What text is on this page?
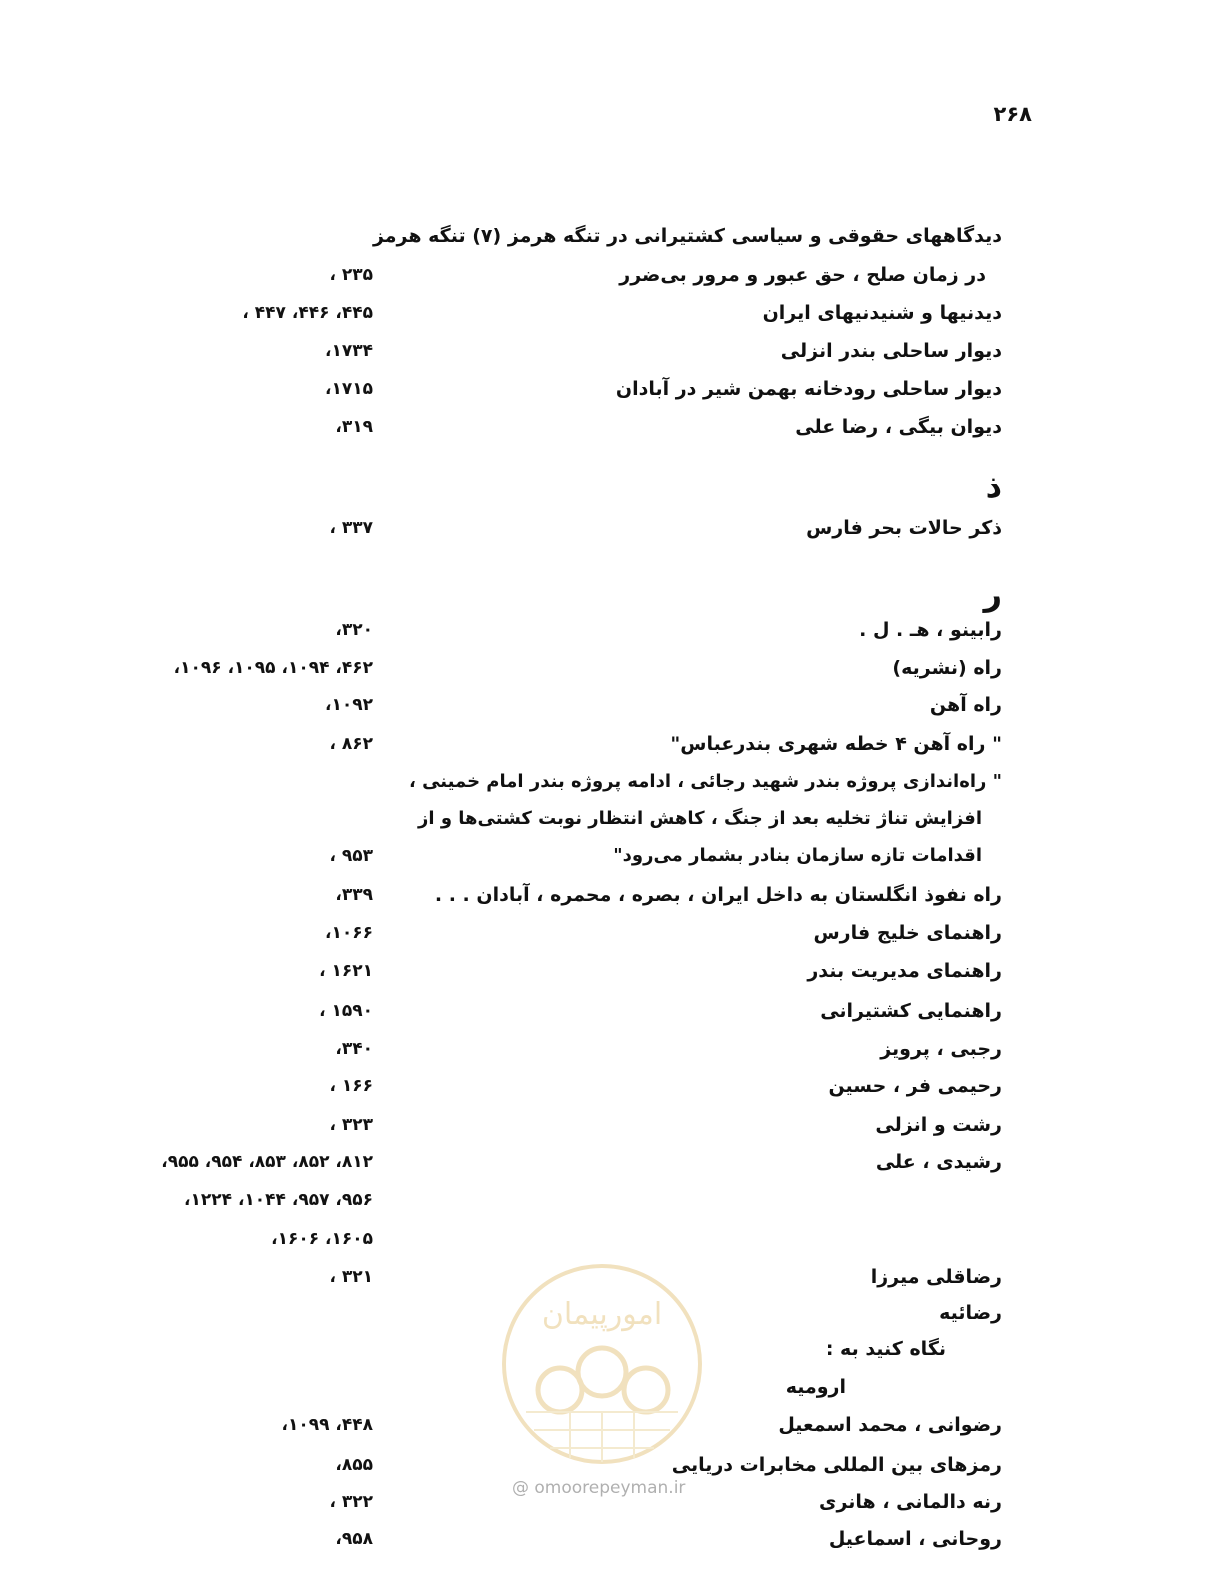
۲۶۸
دیدگاههای حقوقی و سیاسی کشتیرانی در تنگه هرمز (۷) تنگه هرمز
در زمان صلح ، حق عبور و مرور بی‌ضرر
۲۳۵ ،
دیدنیها و شنیدنیهای ایران
۴۴۵، ۴۴۶، ۴۴۷ ،
دیوار ساحلی بندر انزلی
۱۷۳۴،
دیوار ساحلی رودخانه بهمن شیر در آبادان
۱۷۱۵،
دیوان بیگی ، رضا علی
۳۱۹،
ذ
ذکر حالات بحر فارس
۳۳۷ ،
ر
رابینو ، هـ . ل .
۳۲۰،
راه (نشریه)
۴۶۲، ۱۰۹۴، ۱۰۹۵، ۱۰۹۶،
راه آهن
۱۰۹۲،
" راه آهن ۴ خطه شهری بندرعباس"
۸۶۲ ،
" راه‌اندازی پروژه بندر شهید رجائی ، ادامه پروژه بندر امام خمینی ،
افزایش تناژ تخلیه بعد از جنگ ، کاهش انتظار نوبت کشتی‌ها و از
اقدامات تازه سازمان بنادر بشمار می‌رود"
۹۵۳ ،
راه نفوذ انگلستان به داخل ایران ، بصره ، محمره ، آبادان . . .
۳۳۹،
راهنمای خلیج فارس
۱۰۶۶،
راهنمای مدیریت بندر
۱۶۲۱ ،
راهنمایی کشتیرانی
۱۵۹۰ ،
رجبی ، پرویز
۳۴۰،
رحیمی فر ، حسین
۱۶۶ ،
رشت و انزلی
۳۲۳ ،
رشیدی ، علی
۸۱۲، ۸۵۲، ۸۵۳، ۹۵۴، ۹۵۵،
۹۵۶، ۹۵۷، ۱۰۴۴، ۱۲۲۴،
۱۶۰۵، ۱۶۰۶،
رضاقلی میرزا
۳۲۱ ،
رضائیه
نگاه کنید به :
ارومیه
رضوانی ، محمد اسمعیل
۴۴۸، ۱۰۹۹،
رمزهای بین المللی مخابرات دریایی
۸۵۵،
رنه دالمانی ، هانری
۳۲۲ ،
روحانی ، اسماعیل
۹۵۸،
امورپیمان
@ omoorepeyman.ir
